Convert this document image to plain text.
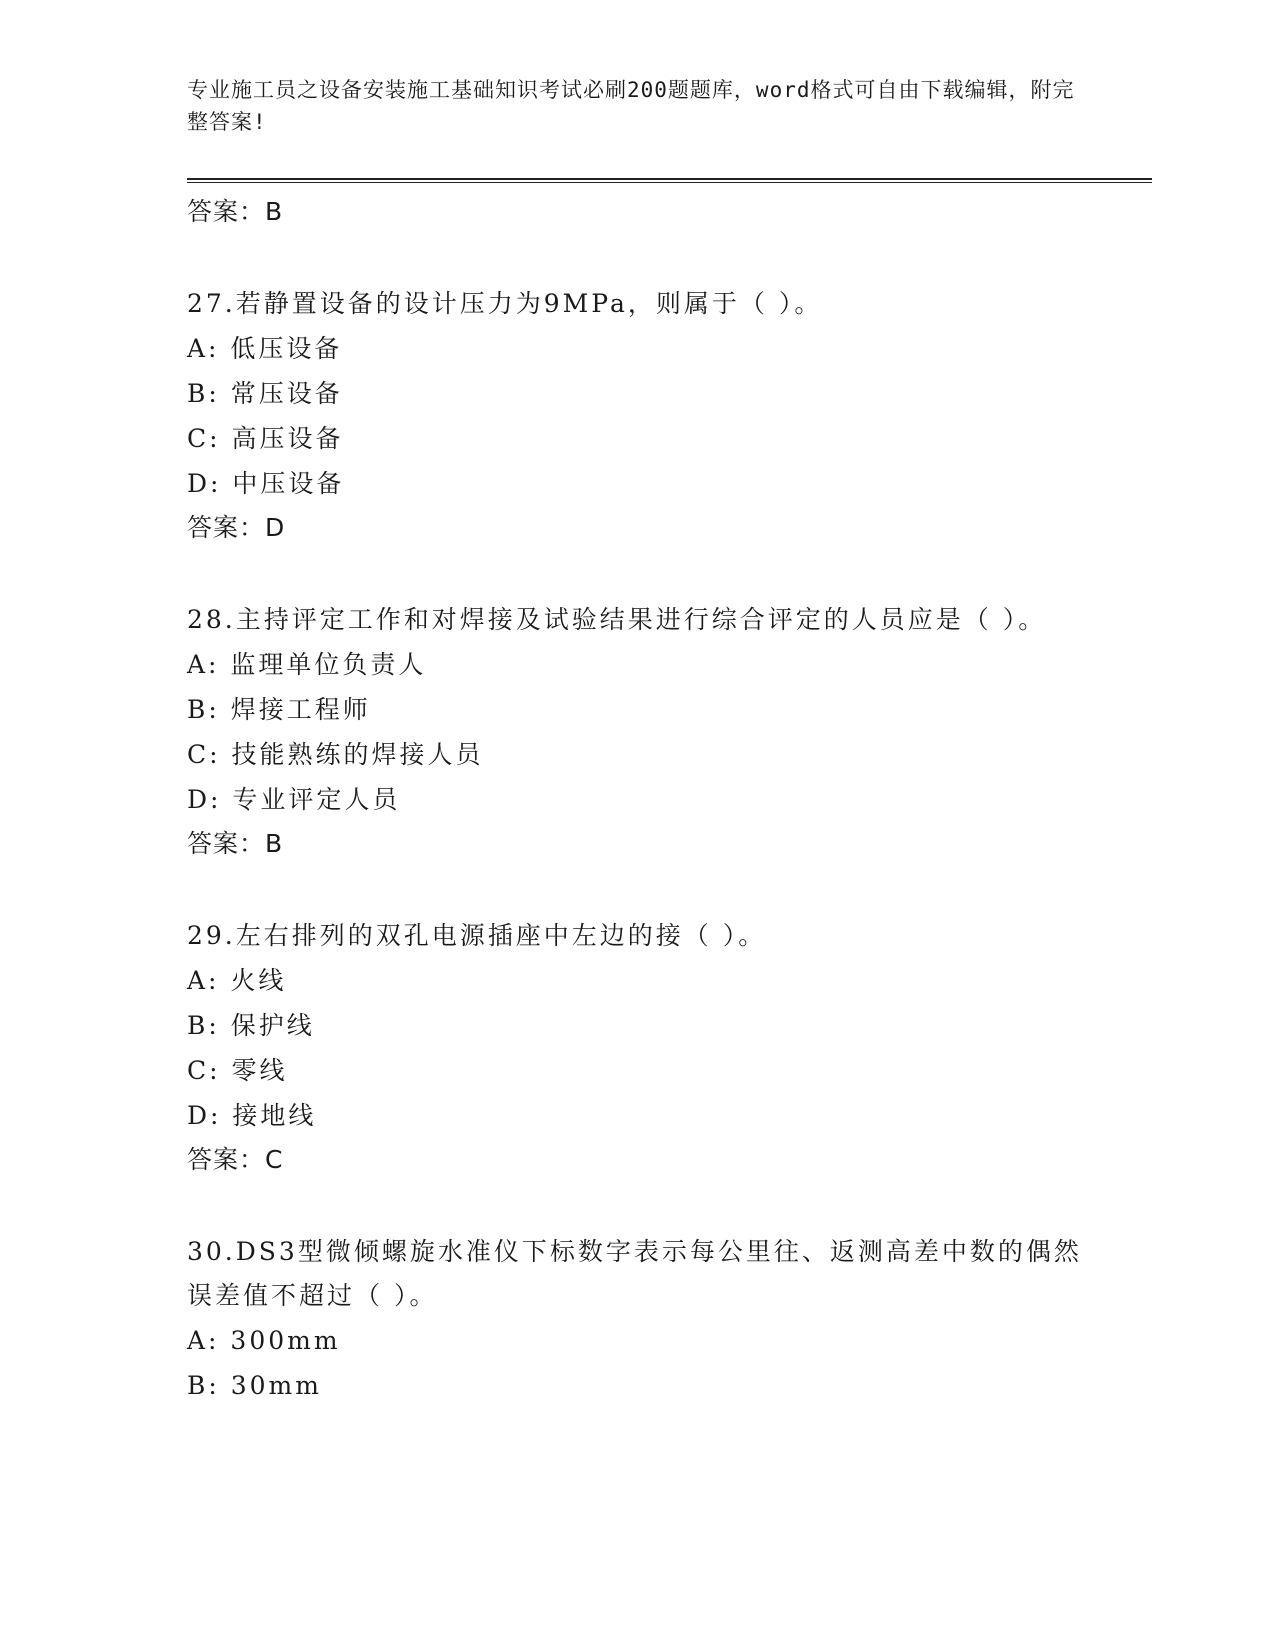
专业施工员之设备安装施工基础知识考试必刷200题题库，word格式可自由下载编辑，附完整答案!

答案：B

27.若静置设备的设计压力为9MPa，则属于（ ）。

A: 低压设备

B: 常压设备

C: 高压设备

D: 中压设备

答案：D

28.主持评定工作和对焊接及试验结果进行综合评定的人员应是（ ）。

A: 监理单位负责人

B: 焊接工程师

C: 技能熟练的焊接人员

D: 专业评定人员

答案：B

29.左右排列的双孔电源插座中左边的接（ ）。

A: 火线

B: 保护线

C: 零线

D: 接地线

答案：C

30.DS3型微倾螺旋水准仪下标数字表示每公里往、返测高差中数的偶然误差值不超过（ ）。

A: 300mm

B: 30mm
